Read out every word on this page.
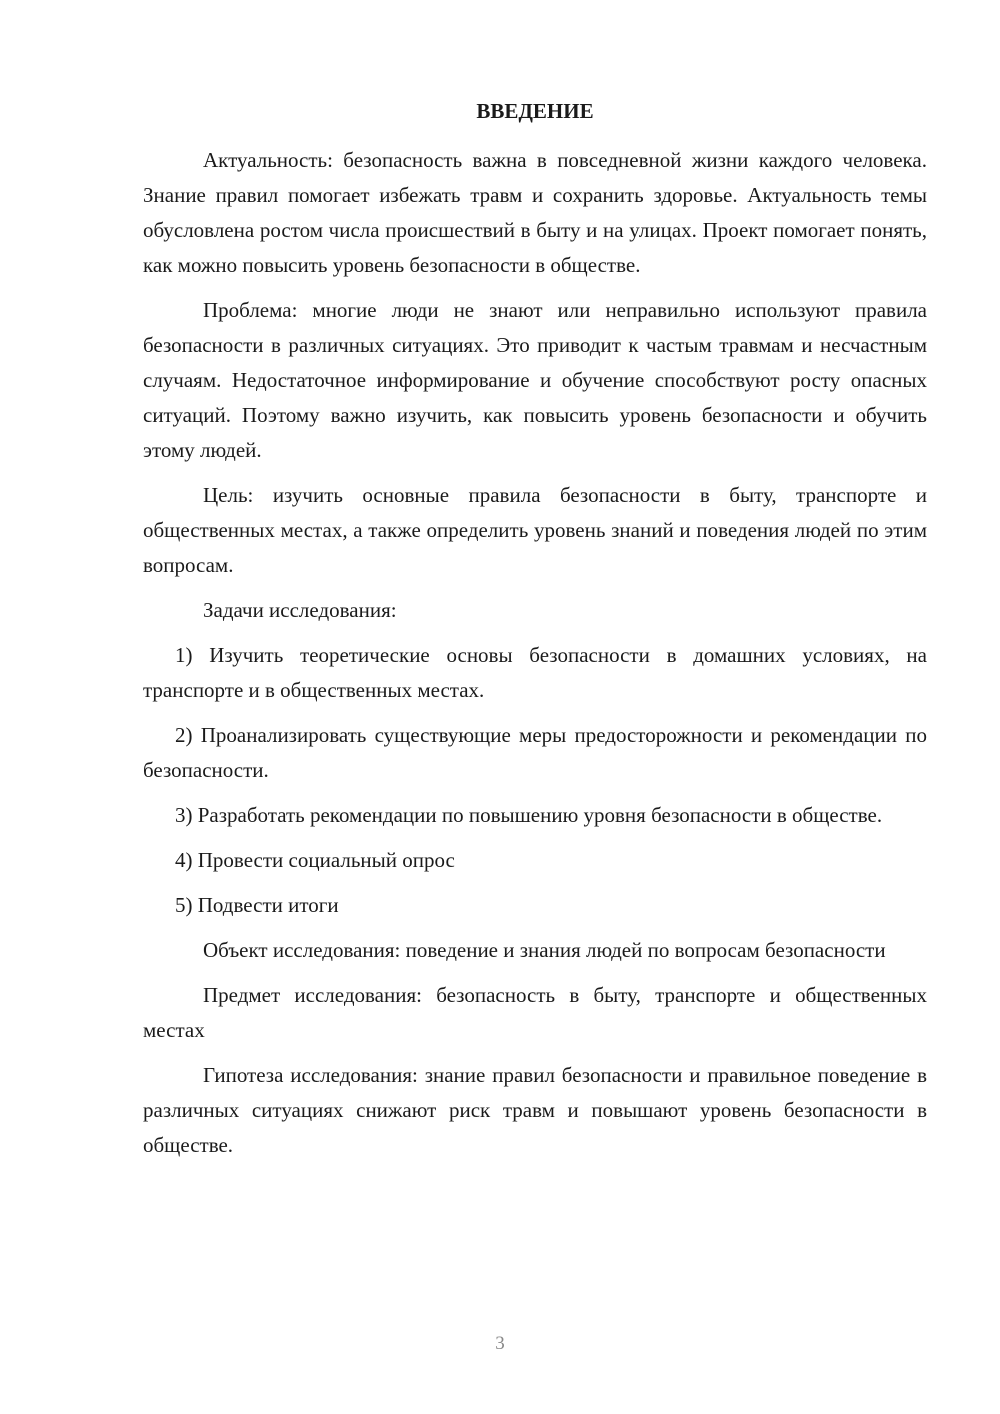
ВВЕДЕНИЕ

Актуальность: безопасность важна в повседневной жизни каждого человека. Знание правил помогает избежать травм и сохранить здоровье. Актуальность темы обусловлена ростом числа происшествий в быту и на улицах. Проект помогает понять, как можно повысить уровень безопасности в обществе.

Проблема: многие люди не знают или неправильно используют правила безопасности в различных ситуациях. Это приводит к частым травмам и несчастным случаям. Недостаточное информирование и обучение способствуют росту опасных ситуаций. Поэтому важно изучить, как повысить уровень безопасности и обучить этому людей.

Цель: изучить основные правила безопасности в быту, транспорте и общественных местах, а также определить уровень знаний и поведения людей по этим вопросам.

Задачи исследования:

1) Изучить теоретические основы безопасности в домашних условиях, на транспорте и в общественных местах.

2) Проанализировать существующие меры предосторожности и рекомендации по безопасности.

3) Разработать рекомендации по повышению уровня безопасности в обществе.

4) Провести социальный опрос

5) Подвести итоги

Объект исследования: поведение и знания людей по вопросам безопасности

Предмет исследования: безопасность в быту, транспорте и общественных местах

Гипотеза исследования: знание правил безопасности и правильное поведение в различных ситуациях снижают риск травм и повышают уровень безопасности в обществе.

3
